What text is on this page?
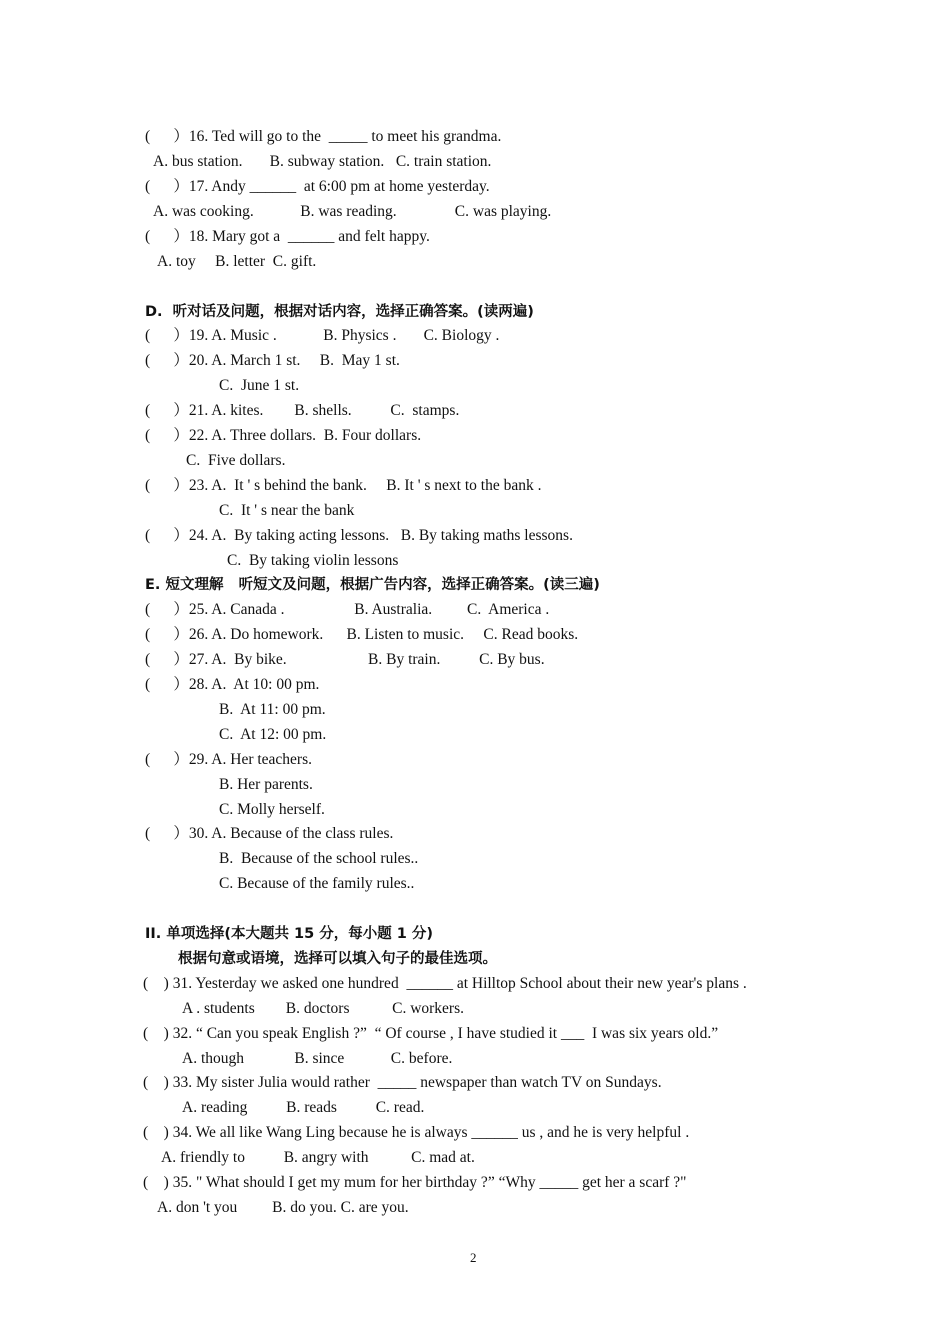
(      ）16. Ted will go to the  _____ to meet his grandma.
A. bus station.       B. subway station.   C. train station.
(      ）17. Andy ______  at 6:00 pm at home yesterday.
A. was cooking.            B. was reading.               C. was playing.
(      ）18. Mary got a  ______ and felt happy.
A. toy     B. letter  C. gift.
D.  听对话及问题，根据对话内容，选择正确答案。(读两遍)
(      ）19. A. Music .            B. Physics .       C. Biology .
(      ）20. A. March 1 st.     B.  May 1 st.
C.  June 1 st.
(      ）21. A. kites.        B. shells.          C.  stamps.
(      ）22. A. Three dollars.  B. Four dollars.
C.  Five dollars.
(      ）23. A.  It ' s behind the bank.     B. It ' s next to the bank .
C.  It ' s near the bank
(      ）24. A.  By taking acting lessons.   B. By taking maths lessons.
C.  By taking violin lessons
E. 短文理解   听短文及问题，根据广告内容，选择正确答案。(读三遍)
(      ）25. A. Canada .                  B. Australia.         C.  America .
(      ）26. A. Do homework.      B. Listen to music.     C. Read books.
(      ）27. A.  By bike.                     B. By train.          C. By bus.
(      ）28. A.  At 10: 00 pm.
B.  At 11: 00 pm.
C.  At 12: 00 pm.
(      ）29. A. Her teachers.
B. Her parents.
C. Molly herself.
(      ）30. A. Because of the class rules.
B.  Because of the school rules..
C. Because of the family rules..
II. 单项选择(本大题共 15 分，每小题 1 分)
根据句意或语境，选择可以填入句子的最佳选项。
(    ) 31. Yesterday we asked one hundred  ______ at Hilltop School about their new year's plans .
A . students        B. doctors           C. workers.
(    ) 32. “ Can you speak English ?”  “ Of course , I have studied it ___  I was six years old.”
A. though             B. since            C. before.
(    ) 33. My sister Julia would rather  _____ newspaper than watch TV on Sundays.
A. reading          B. reads          C. read.
(    ) 34. We all like Wang Ling because he is always ______ us , and he is very helpful .
A. friendly to          B. angry with           C. mad at.
(    ) 35. " What should I get my mum for her birthday ?” “Why _____ get her a scarf ?"
A. don 't you         B. do you. C. are you.
2
